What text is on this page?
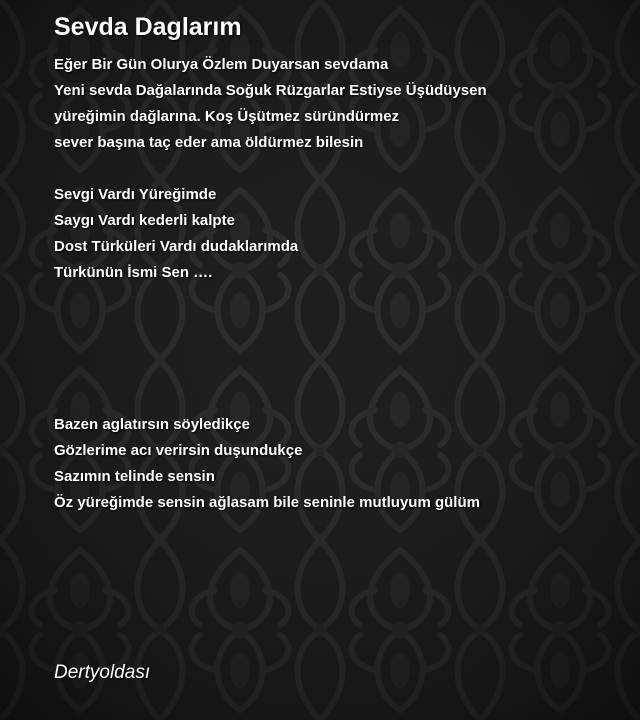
Sevda Daglarım
Eğer Bir Gün Olurya Özlem Duyarsan sevdama
Yeni sevda Dağalarında Soğuk Rüzgarlar Estiyse Üşüdüysen
yüreğimin dağlarına. Koş Üşütmez süründürmez
sever başına taç eder ama öldürmez bilesin
Sevgi Vardı Yüreğimde
Saygı Vardı kederli kalpte
Dost Türküleri Vardı dudaklarımda
Türkünün İsmi Sen ….
Bazen aglatırsın söyledikçe
Gözlerime acı verirsin duşundukçe
Sazımın telinde sensin
Öz yüreğimde sensin ağlasam bile seninle mutluyum gülüm
Dertyoldası
